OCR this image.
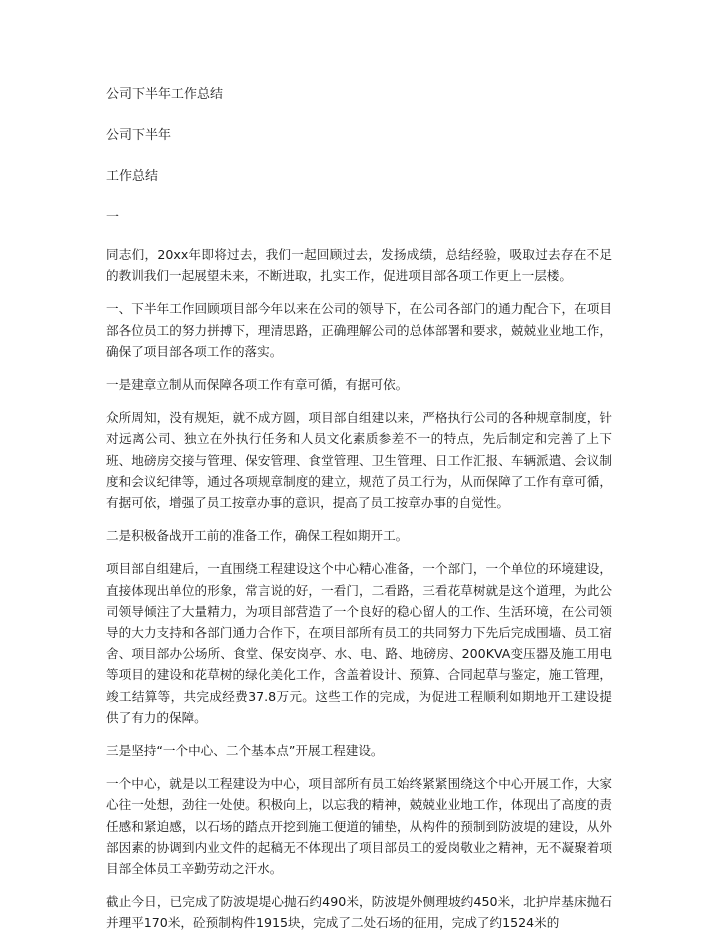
公司下半年工作总结

公司下半年

工作总结

一

同志们，20xx年即将过去，我们一起回顾过去，发扬成绩，总结经验，吸取过去存在不足的教训我们一起展望未来，不断进取，扎实工作，促进项目部各项工作更上一层楼。

一、下半年工作回顾项目部今年以来在公司的领导下，在公司各部门的通力配合下，在项目部各位员工的努力拼搏下，理清思路，正确理解公司的总体部署和要求，兢兢业业地工作，确保了项目部各项工作的落实。

一是建章立制从而保障各项工作有章可循，有据可依。

众所周知，没有规矩，就不成方圆，项目部自组建以来，严格执行公司的各种规章制度，针对远离公司、独立在外执行任务和人员文化素质参差不一的特点，先后制定和完善了上下班、地磅房交接与管理、保安管理、食堂管理、卫生管理、日工作汇报、车辆派遣、会议制度和会议纪律等，通过各项规章制度的建立，规范了员工行为，从而保障了工作有章可循，有据可依，增强了员工按章办事的意识，提高了员工按章办事的自觉性。

二是积极备战开工前的准备工作，确保工程如期开工。

项目部自组建后，一直围绕工程建设这个中心精心准备，一个部门，一个单位的环境建设，直接体现出单位的形象，常言说的好，一看门，二看路，三看花草树就是这个道理，为此公司领导倾注了大量精力，为项目部营造了一个良好的稳心留人的工作、生活环境，在公司领导的大力支持和各部门通力合作下，在项目部所有员工的共同努力下先后完成围墙、员工宿舍、项目部办公场所、食堂、保安岗亭、水、电、路、地磅房、200KVA变压器及施工用电等项目的建设和花草树的绿化美化工作，含盖着设计、预算、合同起草与鉴定，施工管理，竣工结算等，共完成经费37.8万元。这些工作的完成，为促进工程顺利如期地开工建设提供了有力的保障。

三是坚持“一个中心、二个基本点”开展工程建设。

一个中心，就是以工程建设为中心，项目部所有员工始终紧紧围绕这个中心开展工作，大家心往一处想，劲往一处使。积极向上，以忘我的精神，兢兢业业地工作，体现出了高度的责任感和紧迫感，以石场的踏点开挖到施工便道的铺垫，从构件的预制到防波堤的建设，从外部因素的协调到内业文件的起稿无不体现出了项目部员工的爱岗敬业之精神，无不凝聚着项目部全体员工辛勤劳动之汗水。

截止今日，已完成了防波堤堤心抛石约490米，防波堤外侧理坡约450米，北护岸基床抛石并理平170米，砼预制构件1915块，完成了二处石场的征用，完成了约1524米的
